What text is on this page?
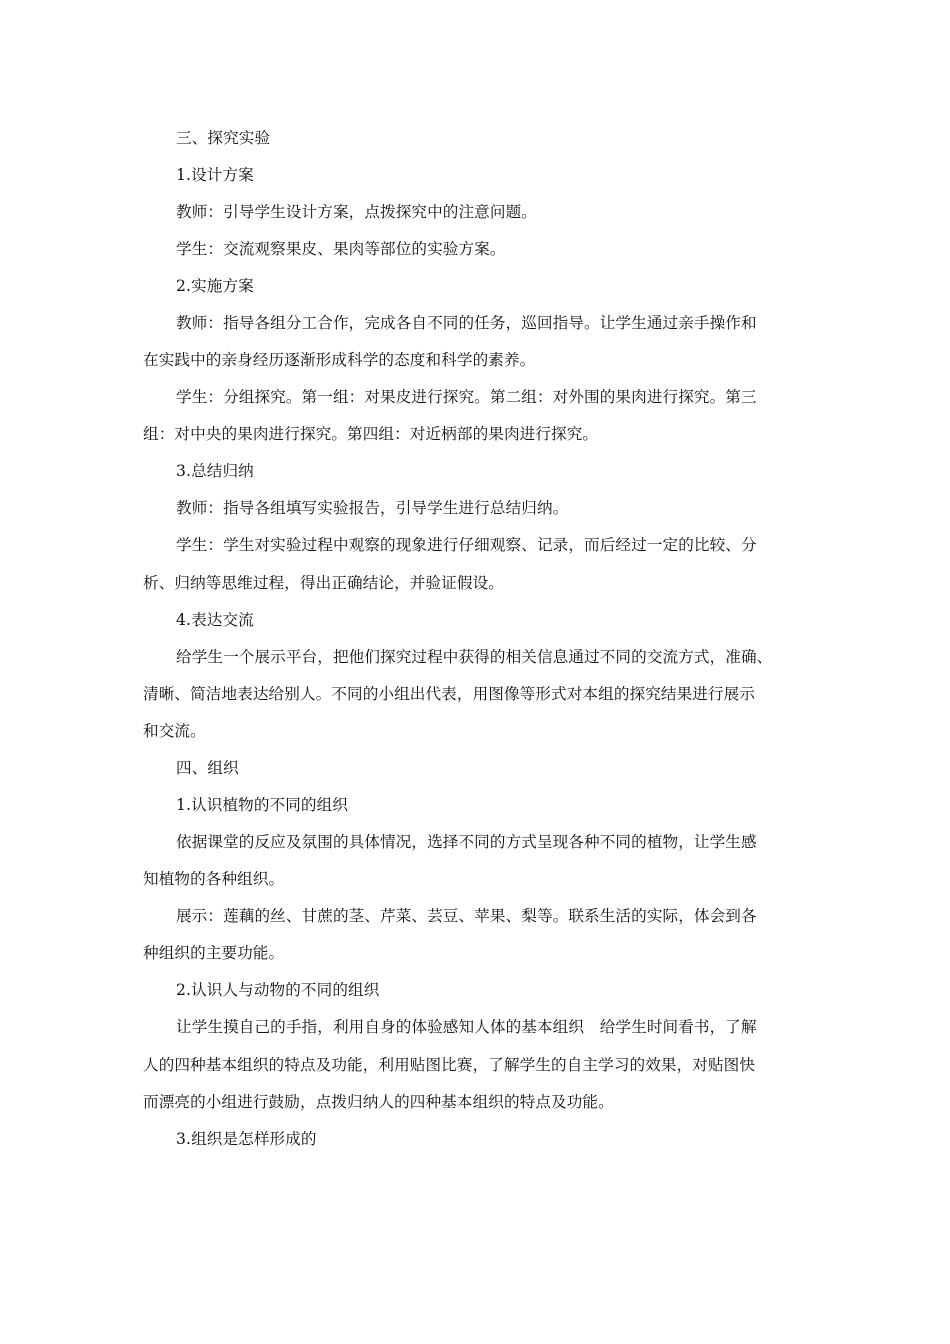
三、探究实验
1.设计方案
教师：引导学生设计方案，点拨探究中的注意问题。
学生：交流观察果皮、果肉等部位的实验方案。
2.实施方案
教师：指导各组分工合作，完成各自不同的任务，巡回指导。让学生通过亲手操作和
在实践中的亲身经历逐渐形成科学的态度和科学的素养。
学生：分组探究。第一组：对果皮进行探究。第二组：对外围的果肉进行探究。第三
组：对中央的果肉进行探究。第四组：对近柄部的果肉进行探究。
3.总结归纳
教师：指导各组填写实验报告，引导学生进行总结归纳。
学生：学生对实验过程中观察的现象进行仔细观察、记录，而后经过一定的比较、分
析、归纳等思维过程，得出正确结论，并验证假设。
4.表达交流
给学生一个展示平台，把他们探究过程中获得的相关信息通过不同的交流方式，准确、
清晰、简洁地表达给别人。不同的小组出代表，用图像等形式对本组的探究结果进行展示
和交流。
四、组织
1.认识植物的不同的组织
依据课堂的反应及氛围的具体情况，选择不同的方式呈现各种不同的植物，让学生感
知植物的各种组织。
展示：莲藕的丝、甘蔗的茎、芹菜、芸豆、苹果、梨等。联系生活的实际，体会到各
种组织的主要功能。
2.认识人与动物的不同的组织
让学生摸自己的手指，利用自身的体验感知人体的基本组织　给学生时间看书，了解
人的四种基本组织的特点及功能，利用贴图比赛，了解学生的自主学习的效果，对贴图快
而漂亮的小组进行鼓励，点拨归纳人的四种基本组织的特点及功能。
3.组织是怎样形成的
